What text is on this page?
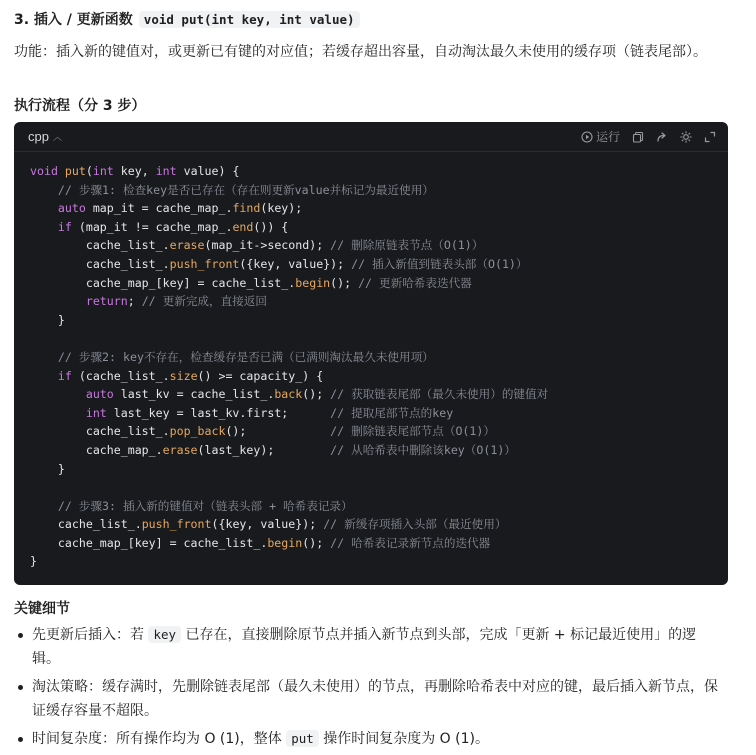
3. 插入 / 更新函数 void put(int key, int value)

功能：插入新的键值对，或更新已有键的对应值；若缓存超出容量，自动淘汰最久未使用的缓存项（链表尾部）。

执行流程（分 3 步）
cpp ︿	运行
void put(int key, int value) {
// 步骤1: 检查key是否已存在（存在则更新value并标记为最近使用）
auto map_it = cache_map_.find(key);
if (map_it != cache_map_.end()) {
cache_list_.erase(map_it->second); // 删除原链表节点（O(1)）
cache_list_.push_front({key, value}); // 插入新值到链表头部（O(1)）
cache_map_[key] = cache_list_.begin(); // 更新哈希表迭代器
return; // 更新完成，直接返回
}
// 步骤2: key不存在，检查缓存是否已满（已满则淘汰最久未使用项）
if (cache_list_.size() >= capacity_) {
auto last_kv = cache_list_.back(); // 获取链表尾部（最久未使用）的键值对
int last_key = last_kv.first;      // 提取尾部节点的key
cache_list_.pop_back();            // 删除链表尾部节点（O(1)）
cache_map_.erase(last_key);        // 从哈希表中删除该key（O(1)）
}
// 步骤3: 插入新的键值对（链表头部 + 哈希表记录）
cache_list_.push_front({key, value}); // 新缓存项插入头部（最近使用）
cache_map_[key] = cache_list_.begin(); // 哈希表记录新节点的迭代器
}
关键细节
先更新后插入：若 key 已存在，直接删除原节点并插入新节点到头部，完成「更新 + 标记最近使用」的逻辑。
淘汰策略：缓存满时，先删除链表尾部（最久未使用）的节点，再删除哈希表中对应的键，最后插入新节点，保证缓存容量不超限。
时间复杂度：所有操作均为 O (1)，整体 put 操作时间复杂度为 O (1)。
